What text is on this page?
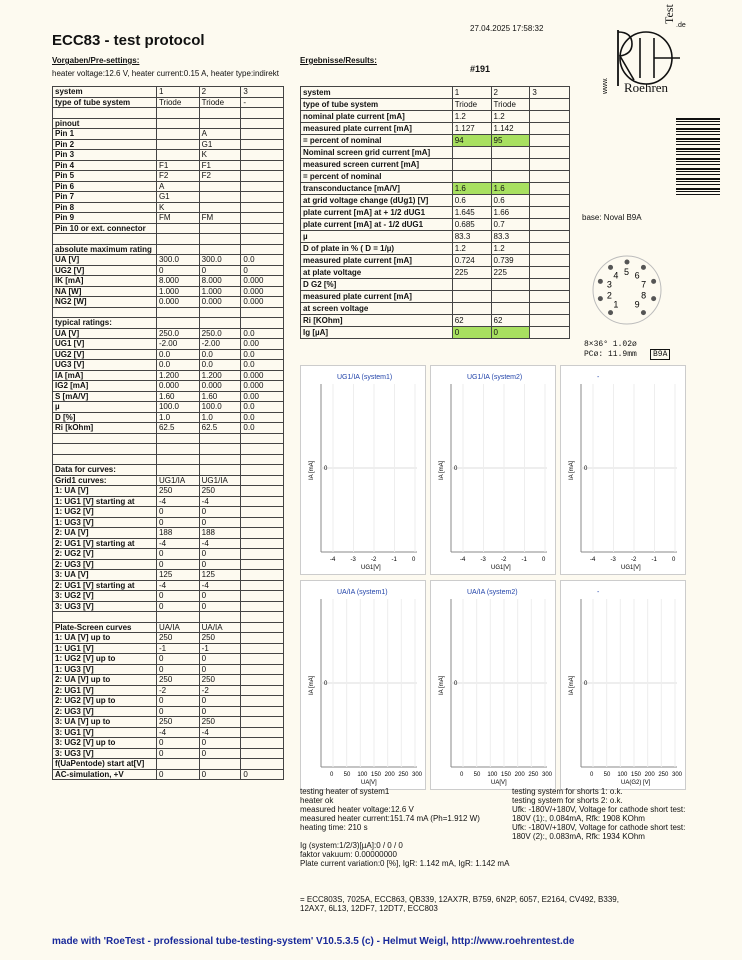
ECC83 - test protocol
27.04.2025 17:58:32
Vorgaben/Pre-settings:
heater voltage:12.6 V, heater current:0.15 A, heater type:indirekt
Ergebnisse/Results:
#191
Roehren
Test
.de
www.
system	1	2	3
type of tube system	Triode	Triode	-

pinout			
Pin 1		A	
Pin 2		G1	
Pin 3		K	
Pin 4	F1	F1	
Pin 5	F2	F2	
Pin 6	A		
Pin 7	G1		
Pin 8	K		
Pin 9	FM	FM	
Pin 10 or ext. connector			

absolute maximum rating			
UA [V]	300.0	300.0	0.0
UG2 [V]	0	0	0
IK [mA]	8.000	8.000	0.000
NA [W]	1.000	1.000	0.000
NG2 [W]	0.000	0.000	0.000

typical ratings:			
UA [V]	250.0	250.0	0.0
UG1 [V]	-2.00	-2.00	0.00
UG2 [V]	0.0	0.0	0.0
UG3 [V]	0.0	0.0	0.0
IA [mA]	1.200	1.200	0.000
IG2 [mA]	0.000	0.000	0.000
S [mA/V]	1.60	1.60	0.00
µ	100.0	100.0	0.0
D [%]	1.0	1.0	0.0
Ri [kOhm]	62.5	62.5	0.0

Data for curves:			
Grid1 curves:	UG1/IA	UG1/IA	
1: UA [V]	250	250	
1: UG1 [V] starting at	-4	-4	
1: UG2 [V]	0	0	
1: UG3 [V]	0	0	
2: UA [V]	188	188	
2: UG1 [V] starting at	-4	-4	
2: UG2 [V]	0	0	
2: UG3 [V]	0	0	
3: UA [V]	125	125	
2: UG1 [V] starting at	-4	-4	
3: UG2 [V]	0	0	
3: UG3 [V]	0	0	

Plate-Screen curves	UA/IA	UA/IA	
1: UA [V] up to	250	250	
1: UG1 [V]	-1	-1	
1: UG2 [V] up to	0	0	
1: UG3 [V]	0	0	
2: UA [V] up to	250	250	
2: UG1 [V]	-2	-2	
2: UG2 [V] up to	0	0	
2: UG3 [V]	0	0	
3: UA [V] up to	250	250	
3: UG1 [V]	-4	-4	
3: UG2 [V] up to	0	0	
3: UG3 [V]	0	0	
f(UaPentode) start at[V]			
AC-simulation, +V	0	0	0
system	1	2	3
type of tube system	Triode	Triode	
nominal plate current [mA]	1.2	1.2	
measured plate current [mA]	1.127	1.142	
= percent of nominal	94	95	
Nominal screen grid current [mA]			
measured screen current [mA]			
= percent of nominal			
transconductance [mA/V]	1.6	1.6	
at grid voltage change (dUg1) [V]	0.6	0.6	
plate current [mA] at + 1/2 dUG1	1.645	1.66	
plate current [mA] at - 1/2 dUG1	0.685	0.7	
µ	83.3	83.3	
D of plate in % ( D = 1/µ)	1.2	1.2	
measured plate current [mA]	0.724	0.739	
at plate voltage	225	225	
D G2 [%]			
measured plate current [mA]			
at screen voltage			
Ri [KOhm]	62	62	
Ig [µA]	0	0	
base: Noval B9A
1
2
3
4 5 6
7
8
9
8×36° 1.02ø
PCø: 11.9mm	B9A
UG1/IA (system1)
-4	-3	-2	-1	0
0
UG1[V]
IA [mA]
UG1/IA (system2)
-4	-3	-2	-1	0
0
UG1[V]
IA [mA]
-
-4	-3	-2	-1	0
0
UG1[V]
IA [mA]
UA/IA (system1)
0 50 100 150 200 250 300
0
UA[V]
IA [mA]
UA/IA (system2)
0 50 100 150 200 250 300
0
UA[V]
IA [mA]
-
0 50 100 150 200 250 300
0
UA(G2) [V]
IA [mA]
testing heater of system1
heater ok
measured heater voltage:12.6 V
measured heater current:151.74 mA (Ph=1.912 W)
heating time: 210 s
Ig (system:1/2/3)[µA]:0 / 0 / 0
faktor vakuum: 0.00000000
Plate current variation:0 [%], IgR: 1.142 mA, IgR: 1.142 mA
testing system for shorts 1: o.k.
testing system for shorts 2: o.k.
Ufk: -180V/+180V, Voltage for cathode short test:
180V (1):, 0.084mA, Rfk: 1908 KOhm
Ufk: -180V/+180V, Voltage for cathode short test:
180V (2):, 0.083mA, Rfk: 1934 KOhm
= ECC803S, 7025A, ECC863, QB339, 12AX7R, B759, 6N2P, 6057, E2164, CV492, B339,
12AX7, 6L13, 12DF7, 12DT7, ECC803
made with 'RoeTest - professional tube-testing-system' V10.5.3.5 (c) - Helmut Weigl, http://www.roehrentest.de
